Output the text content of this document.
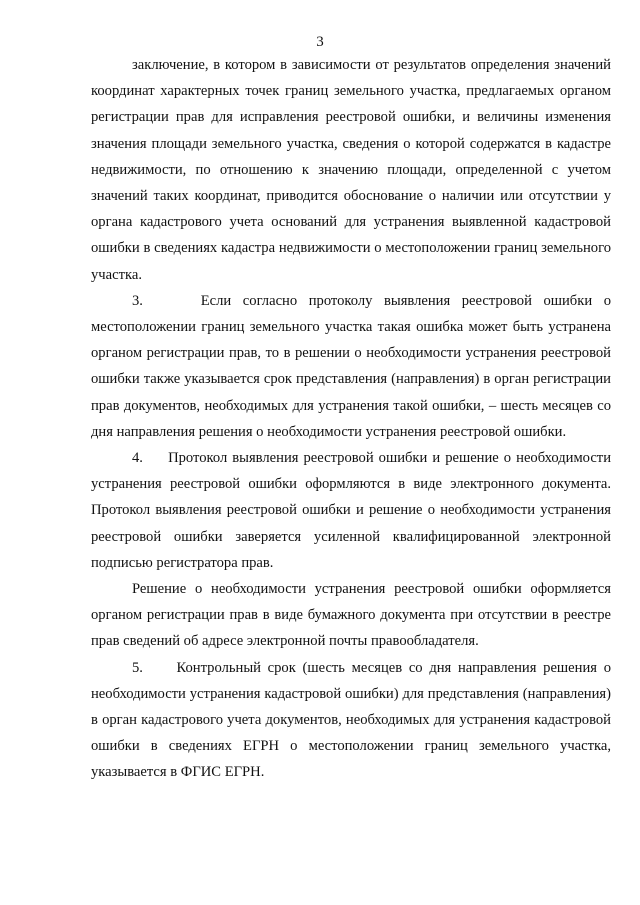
3

заключение, в котором в зависимости от результатов определения значений координат характерных точек границ земельного участка, предлагаемых органом регистрации прав для исправления реестровой ошибки, и величины изменения значения площади земельного участка, сведения о которой содержатся в кадастре недвижимости, по отношению к значению площади, определенной с учетом значений таких координат, приводится обоснование о наличии или отсутствии у органа кадастрового учета оснований для устранения выявленной кадастровой ошибки в сведениях кадастра недвижимости о местоположении границ земельного участка.

3.     Если согласно протоколу выявления реестровой ошибки о местоположении границ земельного участка такая ошибка может быть устранена органом регистрации прав, то в решении о необходимости устранения реестровой ошибки также указывается срок представления (направления) в орган регистрации прав документов, необходимых для устранения такой ошибки, – шесть месяцев со дня направления решения о необходимости устранения реестровой ошибки.

4.     Протокол выявления реестровой ошибки и решение о необходимости устранения реестровой ошибки оформляются в виде электронного документа. Протокол выявления реестровой ошибки и решение о необходимости устранения реестровой ошибки заверяется усиленной квалифицированной электронной подписью регистратора прав.

Решение о необходимости устранения реестровой ошибки оформляется органом регистрации прав в виде бумажного документа при отсутствии в реестре прав сведений об адресе электронной почты правообладателя.

5.     Контрольный срок (шесть месяцев со дня направления решения о необходимости устранения кадастровой ошибки) для представления (направления) в орган кадастрового учета документов, необходимых для устранения кадастровой ошибки в сведениях ЕГРН о местоположении границ земельного участка, указывается в ФГИС ЕГРН.
